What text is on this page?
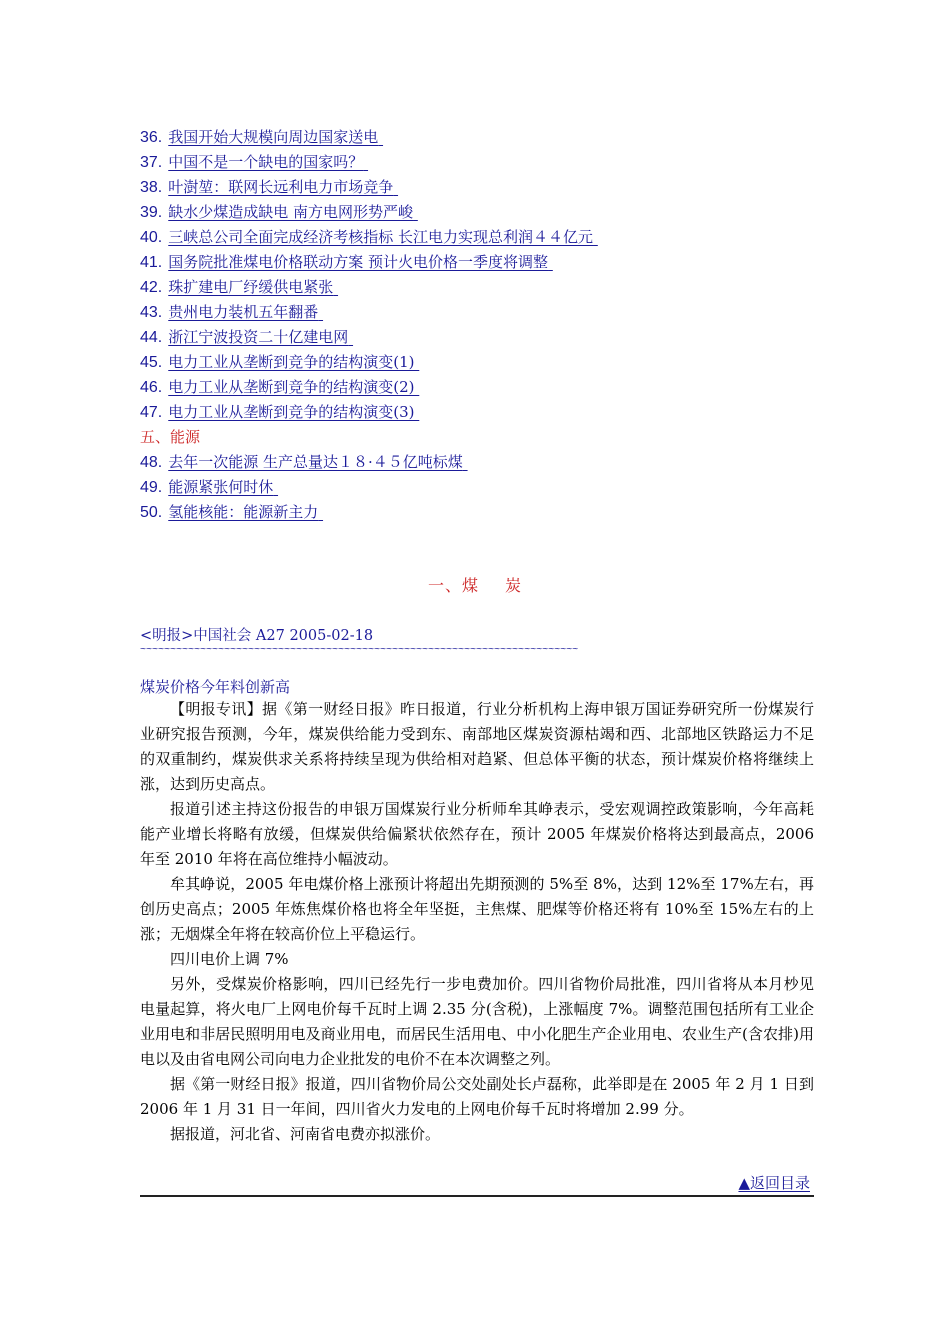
36. 我国开始大规模向周边国家送电
37. 中国不是一个缺电的国家吗？
38. 叶澍堃：联网长远利电力市场竞争
39. 缺水少煤造成缺电 南方电网形势严峻
40. 三峡总公司全面完成经济考核指标 长江电力实现总利润４４亿元
41. 国务院批准煤电价格联动方案 预计火电价格一季度将调整
42. 珠扩建电厂纾缓供电紧张
43. 贵州电力装机五年翻番
44. 浙江宁波投资二十亿建电网
45. 电力工业从垄断到竞争的结构演变(1)
46. 电力工业从垄断到竞争的结构演变(2)
47. 电力工业从垄断到竞争的结构演变(3)
五、能源
48. 去年一次能源 生产总量达１８·４５亿吨标煤
49. 能源紧张何时休
50. 氢能核能：能源新主力
一、煤 炭
<明报>中国社会 A27 2005-02-18
~~~~~~~~~~~~~~~~~~~~~~~~~~~~~~~~~~~~~~~~~~~~~~~~~~~~~~~~~~~~~~~~~~~~~~~~~
煤炭价格今年料创新高

【明报专讯】据《第一财经日报》昨日报道，行业分析机构上海申银万国证券研究所一份煤炭行业研究报告预测，今年，煤炭供给能力受到东、南部地区煤炭资源枯竭和西、北部地区铁路运力不足的双重制约，煤炭供求关系将持续呈现为供给相对趋紧、但总体平衡的状态，预计煤炭价格将继续上涨，达到历史高点。

报道引述主持这份报告的申银万国煤炭行业分析师牟其峥表示，受宏观调控政策影响，今年高耗能产业增长将略有放缓，但煤炭供给偏紧状依然存在，预计 2005 年煤炭价格将达到最高点，2006 年至 2010 年将在高位维持小幅波动。

牟其峥说，2005 年电煤价格上涨预计将超出先期预测的 5%至 8%，达到 12%至 17%左右，再创历史高点；2005 年炼焦煤价格也将全年坚挺，主焦煤、肥煤等价格还将有 10%至 15%左右的上涨；无烟煤全年将在较高价位上平稳运行。

四川电价上调 7%

另外，受煤炭价格影响，四川已经先行一步电费加价。四川省物价局批准，四川省将从本月杪见电量起算，将火电厂上网电价每千瓦时上调 2.35 分(含税)，上涨幅度 7%。调整范围包括所有工业企业用电和非居民照明用电及商业用电，而居民生活用电、中小化肥生产企业用电、农业生产(含农排)用电以及由省电网公司向电力企业批发的电价不在本次调整之列。

据《第一财经日报》报道，四川省物价局公交处副处长卢磊称，此举即是在 2005 年 2 月 1 日到 2006 年 1 月 31 日一年间，四川省火力发电的上网电价每千瓦时将增加 2.99 分。

据报道，河北省、河南省电费亦拟涨价。

▲返回目录
